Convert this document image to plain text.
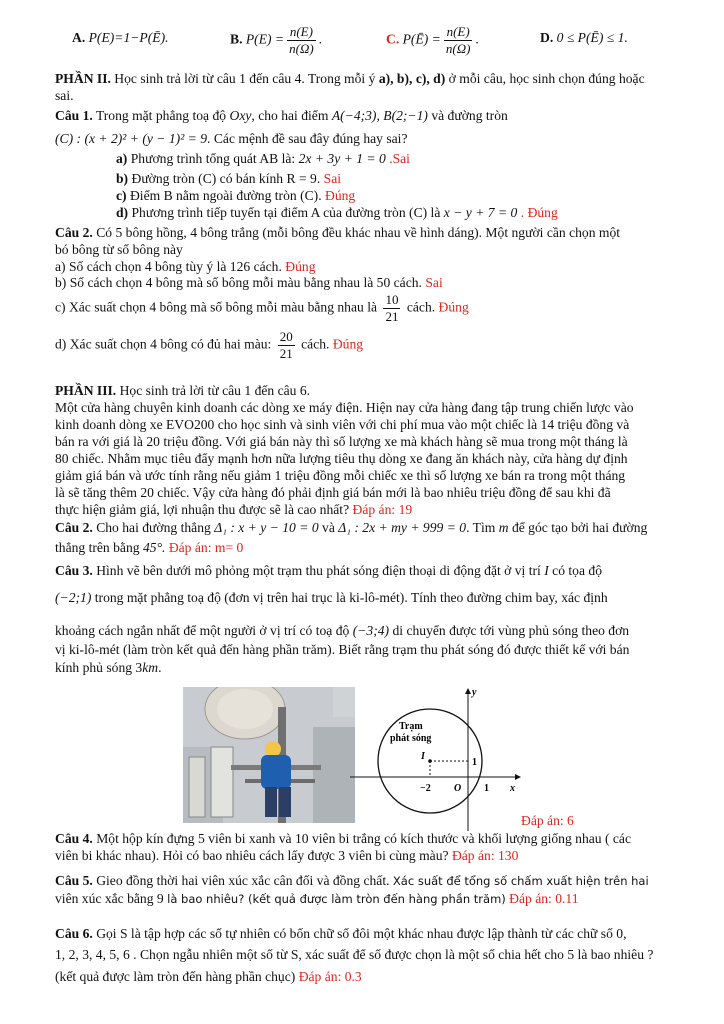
A. P(E)=1−P(Ē).	B. $P(E) = \frac{n(E)}{n(\Omega)}$ .	C. P(Ē) = $\frac{n(E)}{n(\Omega)}$ .	D. 0 ≤ P(Ē) ≤ 1.
PHẦN II. Học sinh trả lời từ câu 1 đến câu 4. Trong mỗi ý a), b), c), d) ở mỗi câu, học sinh chọn đúng hoặc
sai.
Câu 1. Trong mặt phẳng toạ độ Oxy, cho hai điểm A(−4;3), B(2;−1) và đường tròn
(C) : (x + 2)² + (y − 1)² = 9. Các mệnh đề sau đây đúng hay sai?
a) Phương trình tổng quát AB là: 2x + 3y + 1 = 0 .Sai
b) Đường tròn (C) có bán kính R = 9. Sai
c) Điểm B nằm ngoài đường tròn (C). Đúng
d) Phương trình tiếp tuyến tại điểm A của đường tròn (C) là x − y + 7 = 0 . Đúng
Câu 2. Có 5 bông hồng, 4 bông trắng (mỗi bông đều khác nhau về hình dáng). Một người cần chọn một
bó bông từ số bông này
a) Số cách chọn 4 bông tùy ý là 126 cách. Đúng
b) Số cách chọn 4 bông mà số bông mỗi màu bằng nhau là 50 cách. Sai
c) Xác suất chọn 4 bông mà số bông mỗi màu bằng nhau là $\frac{10}{21}$ cách. Đúng
d) Xác suất chọn 4 bông có đủ hai màu: $\frac{20}{21}$ cách. Đúng
PHẦN III. Học sinh trả lời từ câu 1 đến câu 6.
Một cửa hàng chuyên kinh doanh các dòng xe máy điện. Hiện nay cửa hàng đang tập trung chiến lược vào
kinh doanh dòng xe EVO200 cho học sinh và sinh viên với chi phí mua vào một chiếc là 14 triệu đồng và
bán ra với giá là 20 triệu đồng. Với giá bán này thì số lượng xe mà khách hàng sẽ mua trong một tháng là
80 chiếc. Nhằm mục tiêu đẩy mạnh hơn nữa lượng tiêu thụ dòng xe đang ăn khách này, cửa hàng dự định
giảm giá bán và ước tính rằng nếu giảm 1 triệu đồng mỗi chiếc xe thì số lượng xe bán ra trong một tháng
là sẽ tăng thêm 20 chiếc. Vậy cửa hàng đó phải định giá bán mới là bao nhiêu triệu đồng để sau khi đã
thực hiện giảm giá, lợi nhuận thu được sẽ là cao nhất? Đáp án: 19
Câu 2. Cho hai đường thẳng Δ₁ : x + y − 10 = 0 và Δ₁ : 2x + my + 999 = 0. Tìm m để góc tạo bởi hai đường
thẳng trên bằng 45°. Đáp án: m= 0
Câu 3. Hình vẽ bên dưới mô phỏng một trạm thu phát sóng điện thoại di động đặt ở vị trí I có tọa độ
(−2;1) trong mặt phẳng toạ độ (đơn vị trên hai trục là ki-lô-mét). Tính theo đường chim bay, xác định
khoảng cách ngắn nhất để một người ở vị trí có toạ độ (−3;4) di chuyển được tới vùng phủ sóng theo đơn
vị ki-lô-mét (làm tròn kết quả đến hàng phần trăm). Biết rằng trạm thu phát sóng đó được thiết kế với bán
kính phủ sóng 3km.
Trạm
phát sóng
I
y
x
1
−2 O 1
Đáp án: 6
Câu 4. Một hộp kín đựng 5 viên bi xanh và 10 viên bi trắng có kích thước và khối lượng giống nhau ( các
viên bi khác nhau). Hỏi có bao nhiêu cách lấy được 3 viên bi cùng màu? Đáp án: 130
Câu 5. Gieo đồng thời hai viên xúc xắc cân đối và đồng chất. Xác suất để tổng số chấm xuất hiện trên hai
viên xúc xắc bằng 9 là bao nhiêu? (kết quả được làm tròn đến hàng phần trăm) Đáp án: 0.11
Câu 6. Gọi S là tập hợp các số tự nhiên có bốn chữ số đôi một khác nhau được lập thành từ các chữ số 0,
1, 2, 3, 4, 5, 6 . Chọn ngẫu nhiên một số từ S, xác suất để số được chọn là một số chia hết cho 5 là bao nhiêu ?
(kết quả được làm tròn đến hàng phần chục) Đáp án: 0.3
